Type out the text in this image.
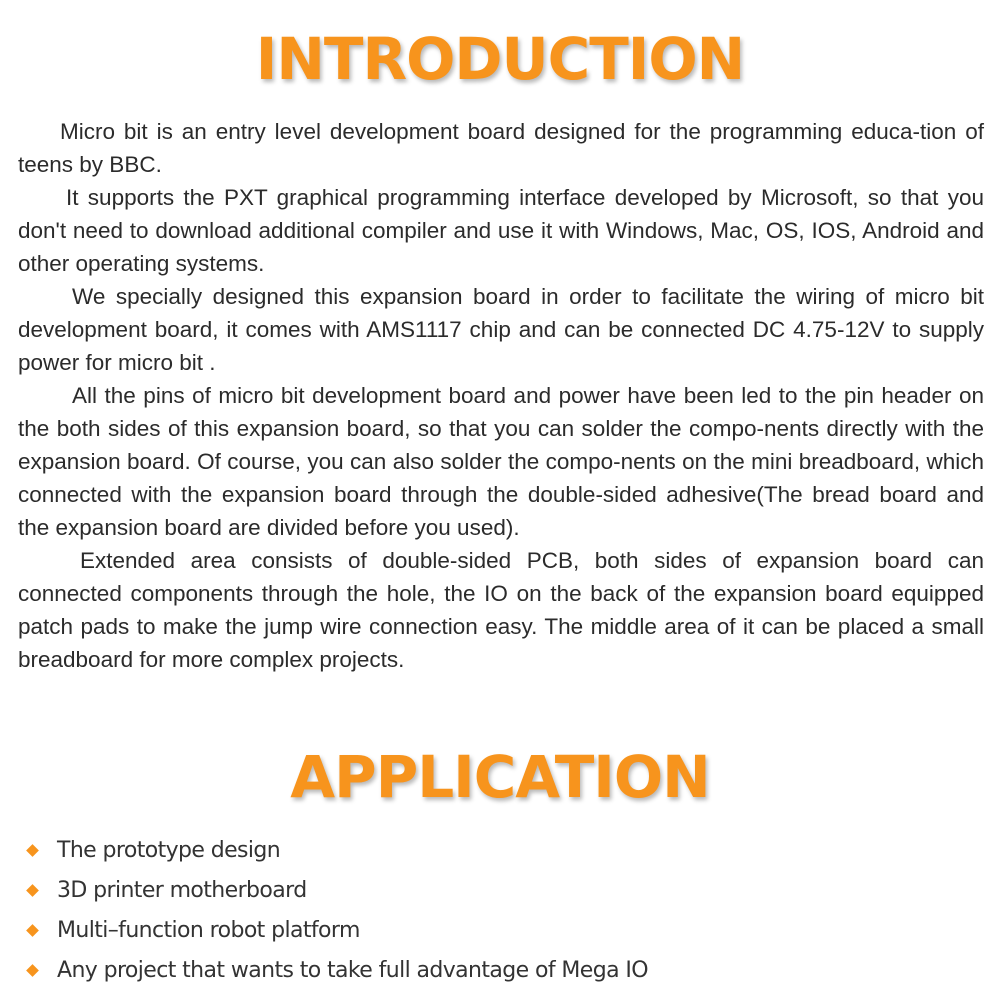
INTRODUCTION

Micro bit is an entry level development board designed for the programming educa-tion of teens by BBC.

It supports the PXT graphical programming interface developed by Microsoft, so that you don't need to download additional compiler and use it with Windows, Mac, OS, IOS, Android and other operating systems.

We specially designed this expansion board in order to facilitate the wiring of micro bit development board, it comes with AMS1117 chip and can be connected DC 4.75-12V to supply power for micro bit .

All the pins of micro bit development board and power have been led to the pin header on the both sides of this expansion board, so that you can solder the compo-nents directly with the expansion board. Of course, you can also solder the compo-nents on the mini breadboard, which connected with the expansion board through the double-sided adhesive(The bread board and the expansion board are divided before you used).

Extended area consists of double-sided PCB, both sides of expansion board can connected components through the hole, the IO on the back of the expansion board equipped patch pads to make the jump wire connection easy. The middle area of it can be placed a small breadboard for more complex projects.

APPLICATION
The prototype design
3D printer motherboard
Multi–function robot platform
Any project that wants to take full advantage of Mega IO
